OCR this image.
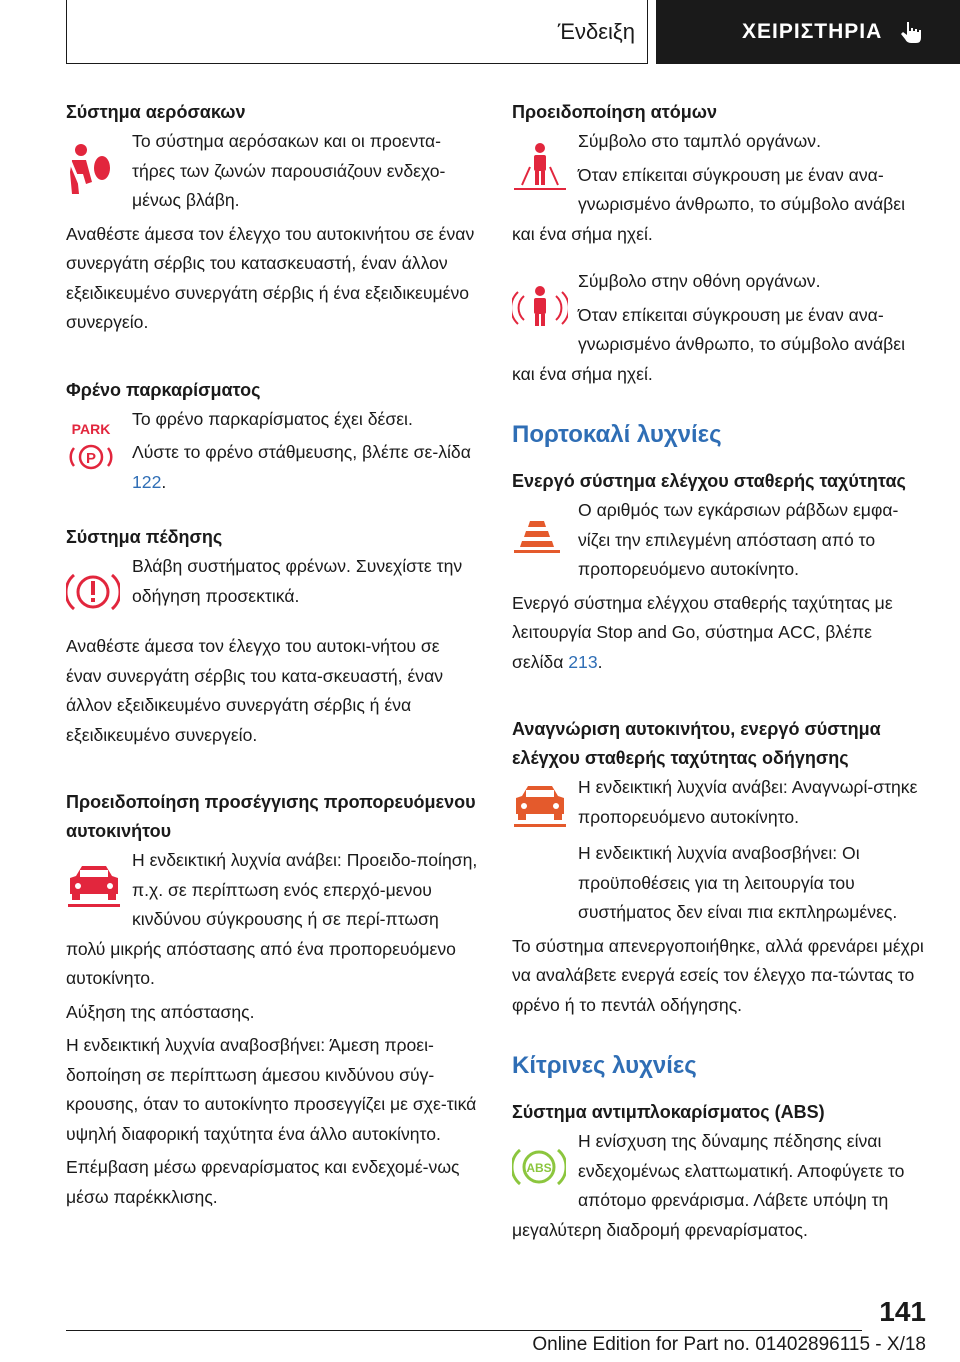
Ένδειξη	ΧΕΙΡΙΣΤΗΡΙΑ
Σύστημα αερόσακων

Το σύστημα αερόσακων και οι προεντα-τήρες των ζωνών παρουσιάζουν ενδεχο-μένως βλάβη.

Αναθέστε άμεσα τον έλεγχο του αυτοκινήτου σε έναν συνεργάτη σέρβις του κατασκευαστή, έναν άλλον εξειδικευμένο συνεργάτη σέρβις ή ένα εξειδικευμένο συνεργείο.

Φρένο παρκαρίσματος
PARK
P

Το φρένο παρκαρίσματος έχει δέσει.

Λύστε το φρένο στάθμευσης, βλέπε σε-λίδα 122.

Σύστημα πέδησης

Βλάβη συστήματος φρένων. Συνεχίστε την οδήγηση προσεκτικά.

Αναθέστε άμεσα τον έλεγχο του αυτοκι-νήτου σε έναν συνεργάτη σέρβις του κατα-σκευαστή, έναν άλλον εξειδικευμένο συνεργάτη σέρβις ή ένα εξειδικευμένο συνεργείο.

Προειδοποίηση προσέγγισης προπορευόμενου αυτοκινήτου

Η ενδεικτική λυχνία ανάβει: Προειδο-ποίηση, π.χ. σε περίπτωση ενός επερχό-μενου κινδύνου σύγκρουσης ή σε περί-πτωση πολύ μικρής απόστασης από ένα προπορευόμενο αυτοκίνητο.

Αύξηση της απόστασης.

Η ενδεικτική λυχνία αναβοσβήνει: Άμεση προει-δοποίηση σε περίπτωση άμεσου κινδύνου σύγ-κρουσης, όταν το αυτοκίνητο προσεγγίζει με σχε-τικά υψηλή διαφορική ταχύτητα ένα άλλο αυτοκίνητο.

Επέμβαση μέσω φρεναρίσματος και ενδεχομέ-νως μέσω παρέκκλισης.

Προειδοποίηση ατόμων

Σύμβολο στο ταμπλό οργάνων.

Όταν επίκειται σύγκρουση με έναν ανα-γνωρισμένο άνθρωπο, το σύμβολο ανάβει και ένα σήμα ηχεί.

Σύμβολο στην οθόνη οργάνων.

Όταν επίκειται σύγκρουση με έναν ανα-γνωρισμένο άνθρωπο, το σύμβολο ανάβει και ένα σήμα ηχεί.

Πορτοκαλί λυχνίες
Ενεργό σύστημα ελέγχου σταθερής ταχύτητας

Ο αριθμός των εγκάρσιων ράβδων εμφα-νίζει την επιλεγμένη απόσταση από το προπορευόμενο αυτοκίνητο.

Ενεργό σύστημα ελέγχου σταθερής ταχύτητας με λειτουργία Stop and Go, σύστημα ACC, βλέπε σελίδα 213.

Αναγνώριση αυτοκινήτου, ενεργό σύστημα ελέγχου σταθερής ταχύτητας οδήγησης

Η ενδεικτική λυχνία ανάβει: Αναγνωρί-στηκε προπορευόμενο αυτοκίνητο.

Η ενδεικτική λυχνία αναβοσβήνει: Οι προϋποθέσεις για τη λειτουργία του συστήματος δεν είναι πια εκπληρωμένες.

Το σύστημα απενεργοποιήθηκε, αλλά φρενάρει μέχρι να αναλάβετε ενεργά εσείς τον έλεγχο πα-τώντας το φρένο ή το πεντάλ οδήγησης.

Κίτρινες λυχνίες
Σύστημα αντιμπλοκαρίσματος (ABS)
ABS

Η ενίσχυση της δύναμης πέδησης είναι ενδεχομένως ελαττωματική. Αποφύγετε το απότομο φρενάρισμα. Λάβετε υπόψη τη μεγαλύτερη διαδρομή φρεναρίσματος.

141
Online Edition for Part no. 01402896115 - X/18
